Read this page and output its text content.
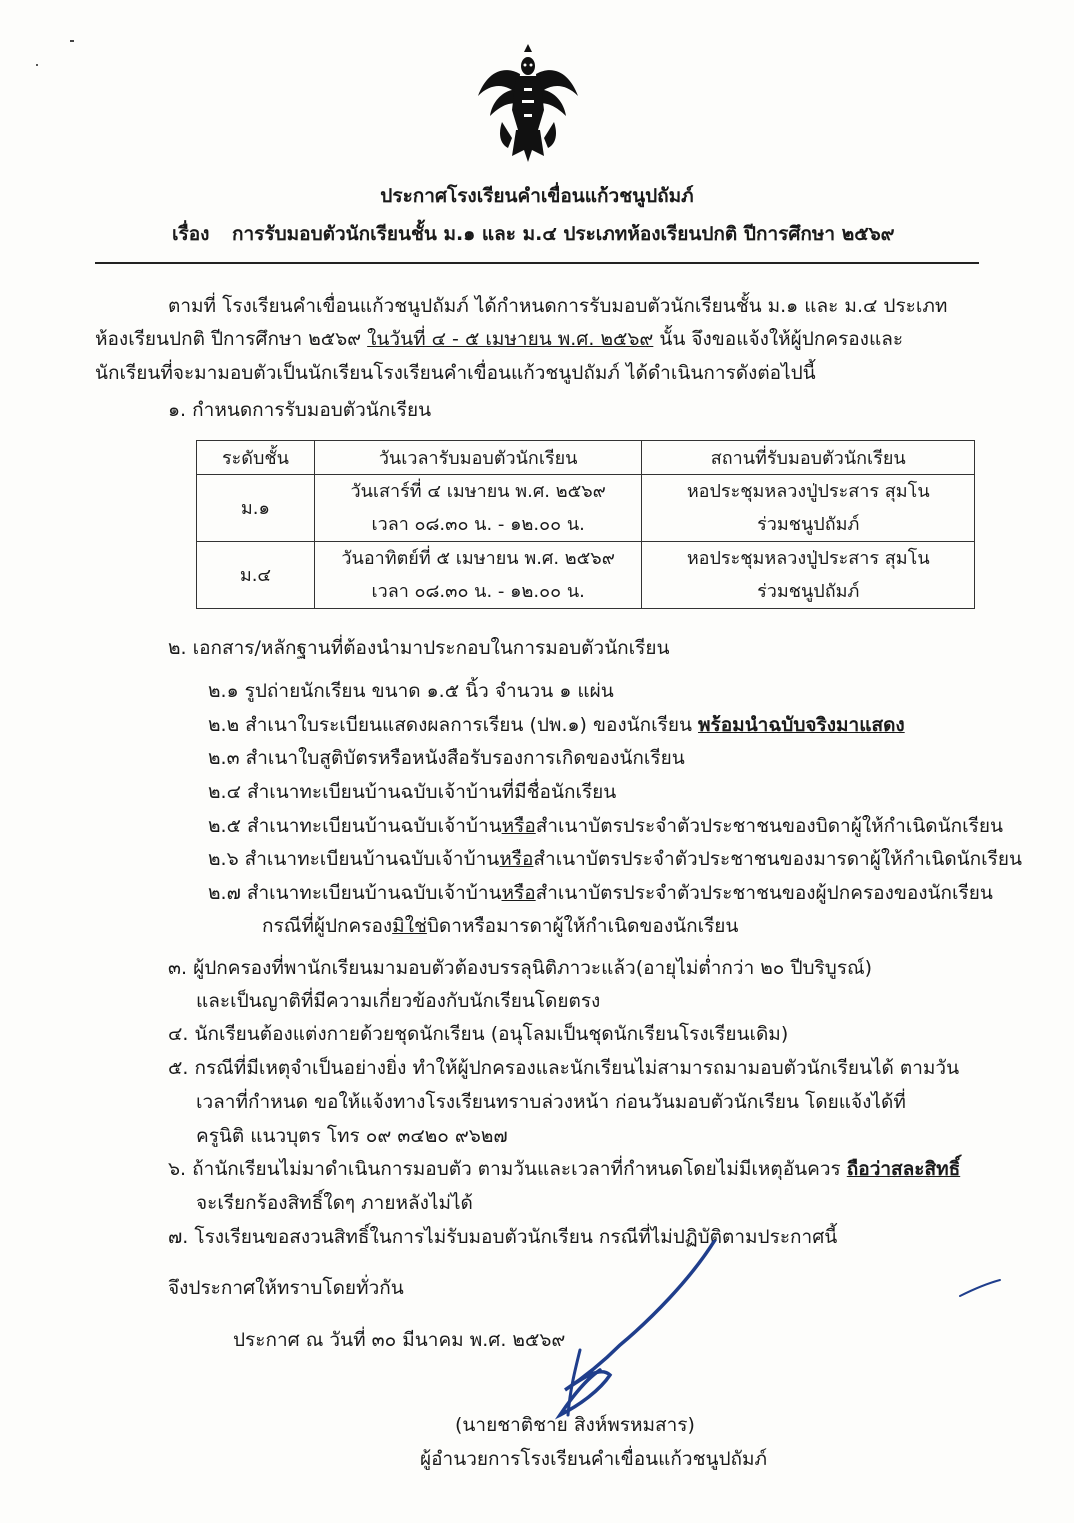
ประกาศโรงเรียนคำเขื่อนแก้วชนูปถัมภ์
เรื่อง การรับมอบตัวนักเรียนชั้น ม.๑ และ ม.๔ ประเภทห้องเรียนปกติ ปีการศึกษา ๒๕๖๙
ตามที่ โรงเรียนคำเขื่อนแก้วชนูปถัมภ์ ได้กำหนดการรับมอบตัวนักเรียนชั้น ม.๑ และ ม.๔ ประเภท
ห้องเรียนปกติ ปีการศึกษา ๒๕๖๙ ในวันที่ ๔ - ๕ เมษายน พ.ศ. ๒๕๖๙ นั้น จึงขอแจ้งให้ผู้ปกครองและ
นักเรียนที่จะมามอบตัวเป็นนักเรียนโรงเรียนคำเขื่อนแก้วชนูปถัมภ์ ได้ดำเนินการดังต่อไปนี้
๑. กำหนดการรับมอบตัวนักเรียน
ระดับชั้น	วันเวลารับมอบตัวนักเรียน	สถานที่รับมอบตัวนักเรียน
ม.๑	วันเสาร์ที่ ๔ เมษายน พ.ศ. ๒๕๖๙	หอประชุมหลวงปู่ประสาร สุมโน
	เวลา ๐๘.๓๐ น. - ๑๒.๐๐ น.	ร่วมชนูปถัมภ์
ม.๔	วันอาทิตย์ที่ ๕ เมษายน พ.ศ. ๒๕๖๙	หอประชุมหลวงปู่ประสาร สุมโน
	เวลา ๐๘.๓๐ น. - ๑๒.๐๐ น.	ร่วมชนูปถัมภ์
๒. เอกสาร/หลักฐานที่ต้องนำมาประกอบในการมอบตัวนักเรียน
๒.๑ รูปถ่ายนักเรียน ขนาด ๑.๕ นิ้ว จำนวน ๑ แผ่น
๒.๒ สำเนาใบระเบียนแสดงผลการเรียน (ปพ.๑) ของนักเรียน พร้อมนำฉบับจริงมาแสดง
๒.๓ สำเนาใบสูติบัตรหรือหนังสือรับรองการเกิดของนักเรียน
๒.๔ สำเนาทะเบียนบ้านฉบับเจ้าบ้านที่มีชื่อนักเรียน
๒.๕ สำเนาทะเบียนบ้านฉบับเจ้าบ้านหรือสำเนาบัตรประจำตัวประชาชนของบิดาผู้ให้กำเนิดนักเรียน
๒.๖ สำเนาทะเบียนบ้านฉบับเจ้าบ้านหรือสำเนาบัตรประจำตัวประชาชนของมารดาผู้ให้กำเนิดนักเรียน
๒.๗ สำเนาทะเบียนบ้านฉบับเจ้าบ้านหรือสำเนาบัตรประจำตัวประชาชนของผู้ปกครองของนักเรียน
กรณีที่ผู้ปกครองมิใช่บิดาหรือมารดาผู้ให้กำเนิดของนักเรียน
๓. ผู้ปกครองที่พานักเรียนมามอบตัวต้องบรรลุนิติภาวะแล้ว(อายุไม่ต่ำกว่า ๒๐ ปีบริบูรณ์)
และเป็นญาติที่มีความเกี่ยวข้องกับนักเรียนโดยตรง
๔. นักเรียนต้องแต่งกายด้วยชุดนักเรียน (อนุโลมเป็นชุดนักเรียนโรงเรียนเดิม)
๕. กรณีที่มีเหตุจำเป็นอย่างยิ่ง ทำให้ผู้ปกครองและนักเรียนไม่สามารถมามอบตัวนักเรียนได้ ตามวัน
เวลาที่กำหนด ขอให้แจ้งทางโรงเรียนทราบล่วงหน้า ก่อนวันมอบตัวนักเรียน โดยแจ้งได้ที่
ครูนิติ แนวบุตร โทร ๐๙ ๓๔๒๐ ๙๖๒๗
๖. ถ้านักเรียนไม่มาดำเนินการมอบตัว ตามวันและเวลาที่กำหนดโดยไม่มีเหตุอันควร ถือว่าสละสิทธิ์
จะเรียกร้องสิทธิ์ใดๆ ภายหลังไม่ได้
๗. โรงเรียนขอสงวนสิทธิ์ในการไม่รับมอบตัวนักเรียน กรณีที่ไม่ปฏิบัติตามประกาศนี้
จึงประกาศให้ทราบโดยทั่วกัน
ประกาศ ณ วันที่ ๓๐ มีนาคม พ.ศ. ๒๕๖๙
(นายชาติชาย สิงห์พรหมสาร)
ผู้อำนวยการโรงเรียนคำเขื่อนแก้วชนูปถัมภ์
